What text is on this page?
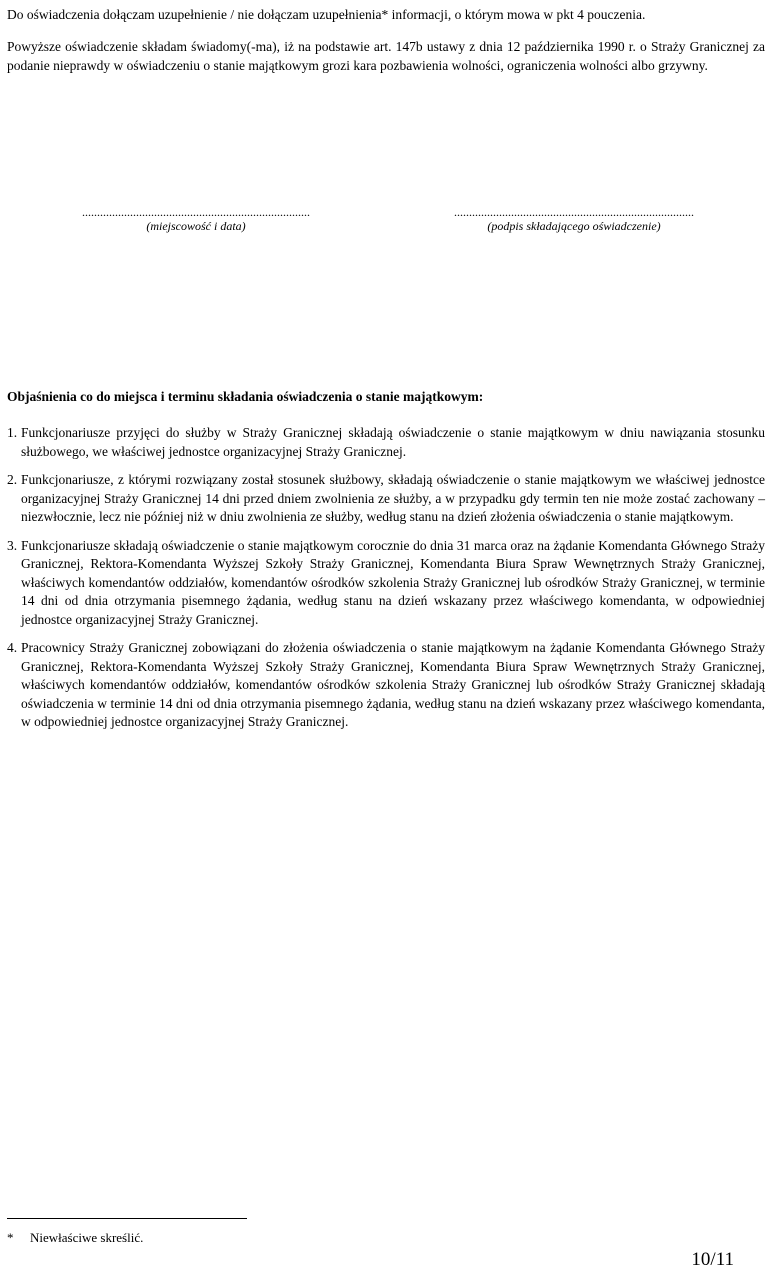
Do oświadczenia dołączam uzupełnienie / nie dołączam uzupełnienia* informacji, o którym mowa w pkt 4 pouczenia.

Powyższe oświadczenie składam świadomy(-ma), iż na podstawie art. 147b ustawy z dnia 12 października 1990 r. o Straży Granicznej za podanie nieprawdy w oświadczeniu o stanie majątkowym grozi kara pozbawienia wolności, ograniczenia wolności albo grzywny.

............................................................................
(miejscowość i data)
................................................................................
(podpis składającego oświadczenie)
Objaśnienia co do miejsca i terminu składania oświadczenia o stanie majątkowym:
1. Funkcjonariusze przyjęci do służby w Straży Granicznej składają oświadczenie o stanie majątkowym w dniu nawiązania stosunku służbowego, we właściwej jednostce organizacyjnej Straży Granicznej.
2. Funkcjonariusze, z którymi rozwiązany został stosunek służbowy, składają oświadczenie o stanie majątkowym we właściwej jednostce organizacyjnej Straży Granicznej 14 dni przed dniem zwolnienia ze służby, a w przypadku gdy termin ten nie może zostać zachowany – niezwłocznie, lecz nie później niż w dniu zwolnienia ze służby, według stanu na dzień złożenia oświadczenia o stanie majątkowym.
3. Funkcjonariusze składają oświadczenie o stanie majątkowym corocznie do dnia 31 marca oraz na żądanie Komendanta Głównego Straży Granicznej, Rektora-Komendanta Wyższej Szkoły Straży Granicznej, Komendanta Biura Spraw Wewnętrznych Straży Granicznej, właściwych komendantów oddziałów, komendantów ośrodków szkolenia Straży Granicznej lub ośrodków Straży Granicznej, w terminie 14 dni od dnia otrzymania pisemnego żądania, według stanu na dzień wskazany przez właściwego komendanta, w odpowiedniej jednostce organizacyjnej Straży Granicznej.
4. Pracownicy Straży Granicznej zobowiązani do złożenia oświadczenia o stanie majątkowym na żądanie Komendanta Głównego Straży Granicznej, Rektora-Komendanta Wyższej Szkoły Straży Granicznej, Komendanta Biura Spraw Wewnętrznych Straży Granicznej, właściwych komendantów oddziałów, komendantów ośrodków szkolenia Straży Granicznej lub ośrodków Straży Granicznej składają oświadczenia w terminie 14 dni od dnia otrzymania pisemnego żądania, według stanu na dzień wskazany przez właściwego komendanta, w odpowiedniej jednostce organizacyjnej Straży Granicznej.
*	Niewłaściwe skreślić.
10/11
